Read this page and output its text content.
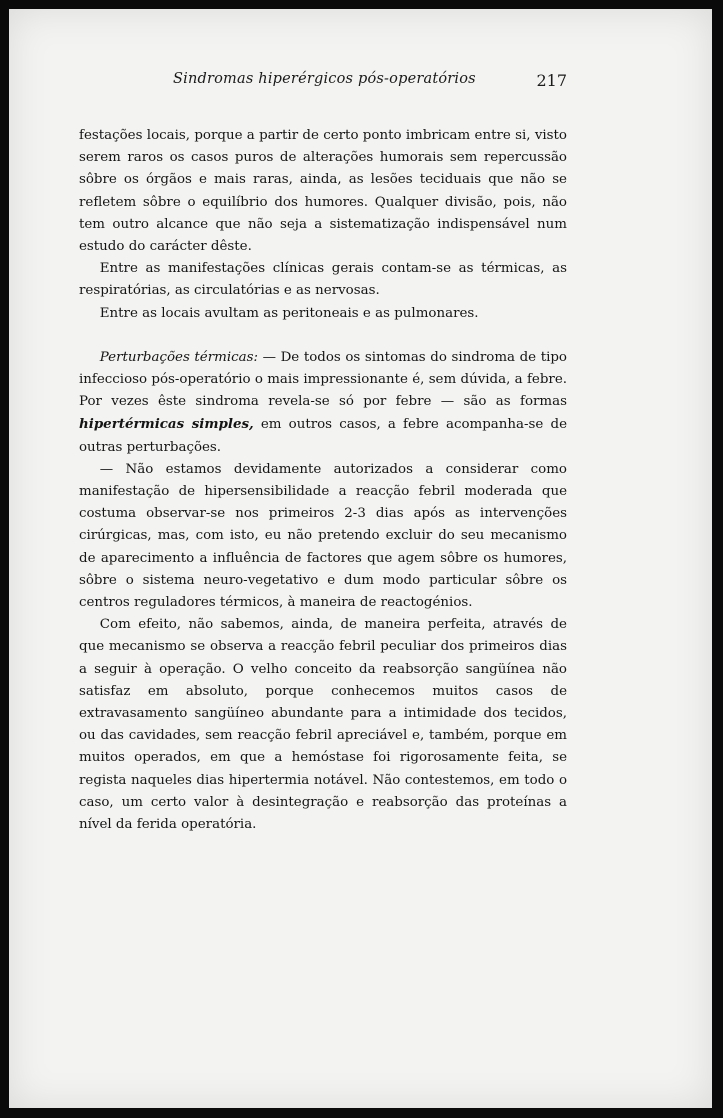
Sindromas hiperérgicos pós-operatórios	217

festações locais, porque a partir de certo ponto imbricam entre si, visto serem raros os casos puros de alterações humorais sem repercussão sôbre os órgãos e mais raras, ainda, as lesões teciduais que não se refletem sôbre o equilíbrio dos humores. Qualquer divisão, pois, não tem outro alcance que não seja a sistematização indispensável num estudo do carácter dêste.

Entre as manifestações clínicas gerais contam-se as térmicas, as respiratórias, as circulatórias e as nervosas.

Entre as locais avultam as peritoneais e as pulmonares.

Perturbações térmicas: — De todos os sintomas do sindroma de tipo infeccioso pós-operatório o mais impressionante é, sem dúvida, a febre. Por vezes êste sindroma revela-se só por febre — são as formas hipertérmicas simples, em outros casos, a febre acompanha-se de outras perturbações.

— Não estamos devidamente autorizados a considerar como manifestação de hipersensibilidade a reacção febril moderada que costuma observar-se nos primeiros 2-3 dias após as intervenções cirúrgicas, mas, com isto, eu não pretendo excluir do seu mecanismo de aparecimento a influência de factores que agem sôbre os humores, sôbre o sistema neuro-vegetativo e dum modo particular sôbre os centros reguladores térmicos, à maneira de reactogénios.

Com efeito, não sabemos, ainda, de maneira perfeita, através de que mecanismo se observa a reacção febril peculiar dos primeiros dias a seguir à operação. O velho conceito da reabsorção sangüínea não satisfaz em absoluto, porque conhecemos muitos casos de extravasamento sangüíneo abundante para a intimidade dos tecidos, ou das cavidades, sem reacção febril apreciável e, também, porque em muitos operados, em que a hemóstase foi rigorosamente feita, se regista naqueles dias hipertermia notável. Não contestemos, em todo o caso, um certo valor à desintegração e reabsorção das proteínas a nível da ferida operatória.
